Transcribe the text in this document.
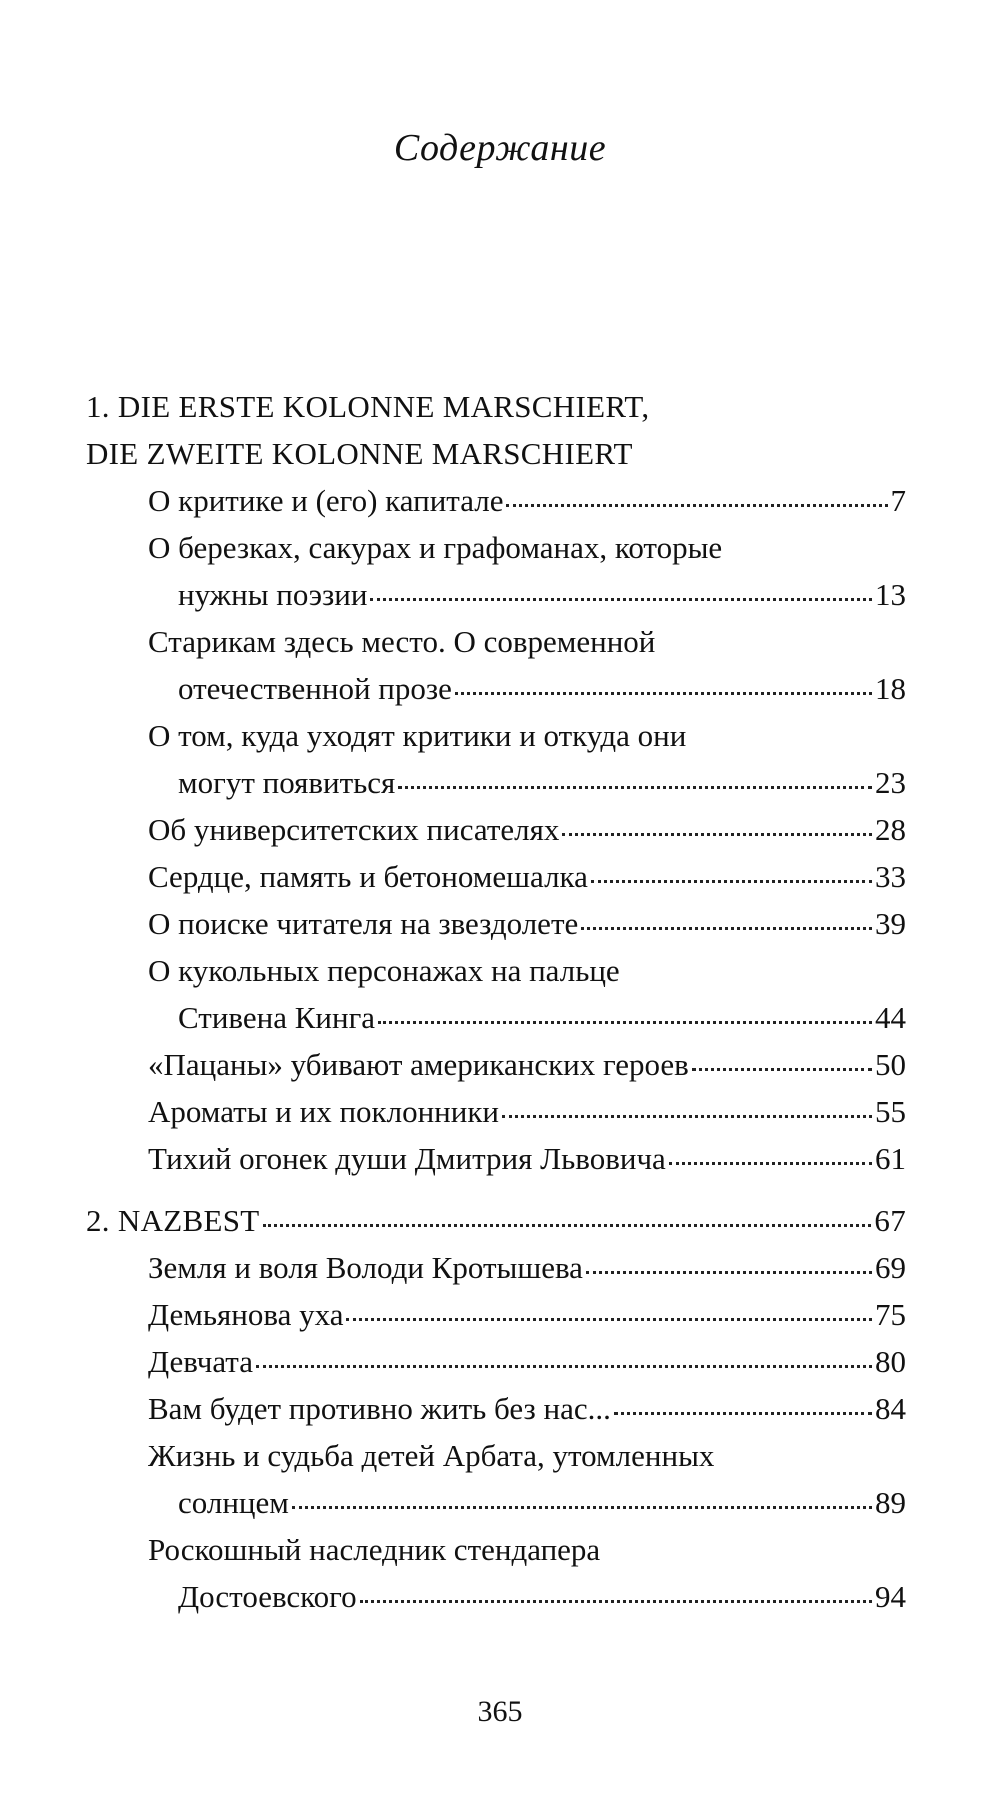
Содержание
1. DIE ERSTE KOLONNE MARSCHIERT,
DIE ZWEITE KOLONNE MARSCHIERT
О критике и (его) капитале	7
О березках, сакурах и графоманах, которые
нужны поэзии	13
Старикам здесь место. О современной
отечественной прозе	18
О том, куда уходят критики и откуда они
могут появиться	23
Об университетских писателях	28
Сердце, память и бетономешалка	33
О поиске читателя на звездолете	39
О кукольных персонажах на пальце
Стивена Кинга	44
«Пацаны» убивают американских героев	50
Ароматы и их поклонники	55
Тихий огонек души Дмитрия Львовича	61
2. NAZBEST	67
Земля и воля Володи Кротышева	69
Демьянова уха	75
Девчата	80
Вам будет противно жить без нас...	84
Жизнь и судьба детей Арбата, утомленных
солнцем	89
Роскошный наследник стендапера
Достоевского	94
365
